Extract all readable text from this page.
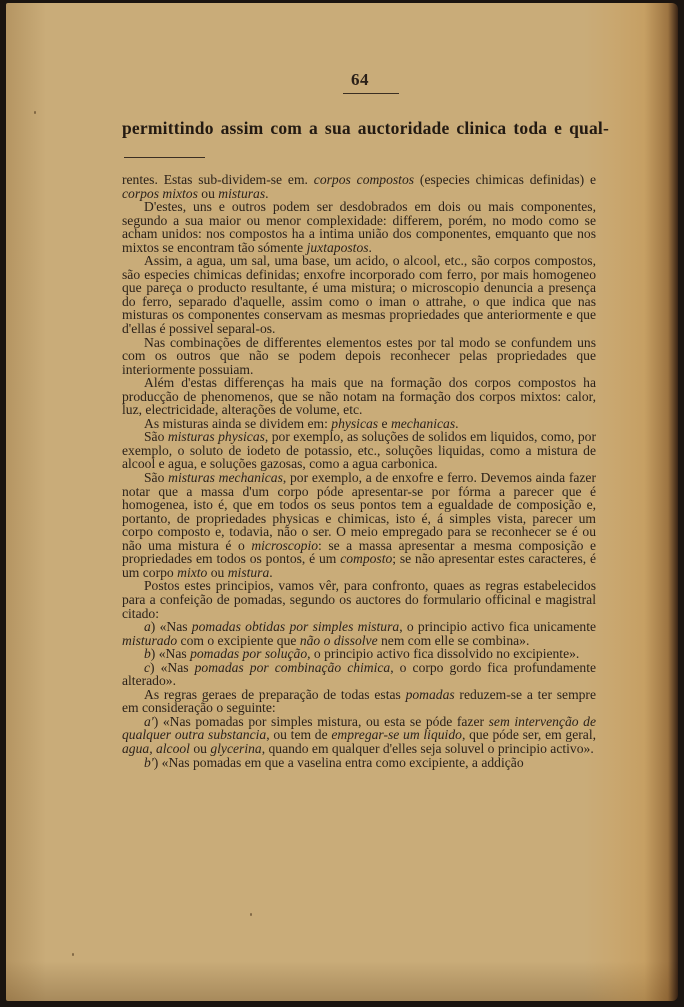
64
permittindo assim com a sua auctoridade clinica toda e qual-

rentes. Estas sub-dividem-se em. corpos compostos (especies chimicas definidas) e corpos mixtos ou misturas.

D'estes, uns e outros podem ser desdobrados em dois ou mais componentes, segundo a sua maior ou menor complexidade: differem, porém, no modo como se acham unidos: nos compostos ha a intima união dos componentes, emquanto que nos mixtos se encontram tão sómente juxtapostos.

Assim, a agua, um sal, uma base, um acido, o alcool, etc., são corpos compostos, são especies chimicas definidas; enxofre incorporado com ferro, por mais homogeneo que pareça o producto resultante, é uma mistura; o microscopio denuncia a presença do ferro, separado d'aquelle, assim como o iman o attrahe, o que indica que nas misturas os componentes conservam as mesmas propriedades que anteriormente e que d'ellas é possivel separal-os.

Nas combinações de differentes elementos estes por tal modo se confundem uns com os outros que não se podem depois reconhecer pelas propriedades que interiormente possuiam.

Além d'estas differenças ha mais que na formação dos corpos compostos ha producção de phenomenos, que se não notam na formação dos corpos mixtos: calor, luz, electricidade, alterações de volume, etc.

As misturas ainda se dividem em: physicas e mechanicas.

São misturas physicas, por exemplo, as soluções de solidos em liquidos, como, por exemplo, o soluto de iodeto de potassio, etc., soluções liquidas, como a mistura de alcool e agua, e soluções gazosas, como a agua carbonica.

São misturas mechanicas, por exemplo, a de enxofre e ferro. Devemos ainda fazer notar que a massa d'um corpo póde apresentar-se por fórma a parecer que é homogenea, isto é, que em todos os seus pontos tem a egualdade de composição e, portanto, de propriedades physicas e chimicas, isto é, á simples vista, parecer um corpo composto e, todavia, não o ser. O meio empregado para se reconhecer se é ou não uma mistura é o microscopio: se a massa apresentar a mesma composição e propriedades em todos os pontos, é um composto; se não apresentar estes caracteres, é um corpo mixto ou mistura.

Postos estes principios, vamos vêr, para confronto, quaes as regras estabelecidos para a confeição de pomadas, segundo os auctores do formulario officinal e magistral citado:

a) «Nas pomadas obtidas por simples mistura, o principio activo fica unicamente misturado com o excipiente que não o dissolve nem com elle se combina».

b) «Nas pomadas por solução, o principio activo fica dissolvido no excipiente».

c) «Nas pomadas por combinação chimica, o corpo gordo fica profundamente alterado».

As regras geraes de preparação de todas estas pomadas reduzem-se a ter sempre em consideração o seguinte:

a') «Nas pomadas por simples mistura, ou esta se póde fazer sem intervenção de qualquer outra substancia, ou tem de empregar-se um liquido, que póde ser, em geral, agua, alcool ou glycerina, quando em qualquer d'elles seja soluvel o principio activo».

b') «Nas pomadas em que a vaselina entra como excipiente, a addição
